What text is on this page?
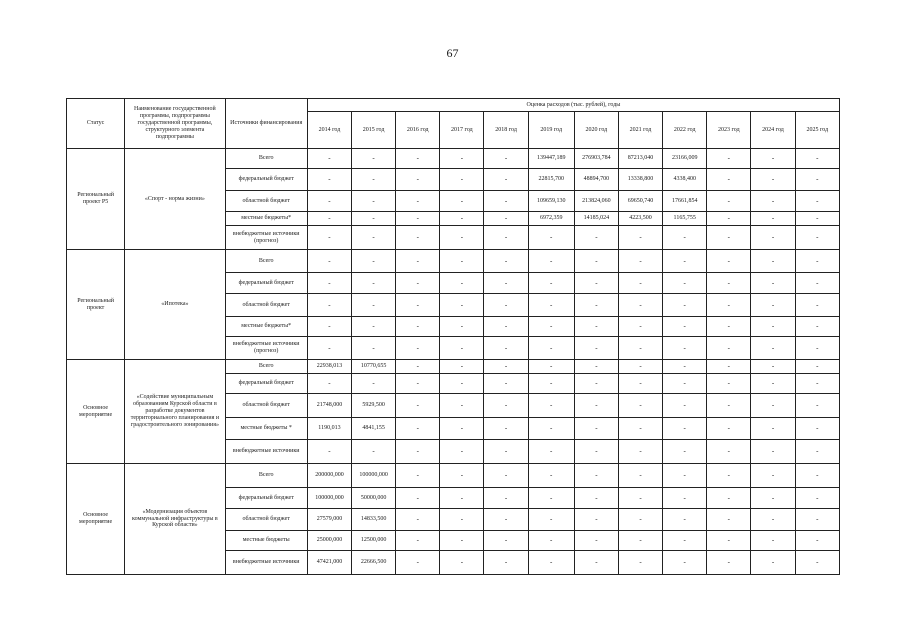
67
Статус	Наименование государственной программы, подпрограммы государственной программы, структурного элемента подпрограммы	Источники финансирования	Оценка расходов (тыс. рублей), годы											
			2014 год	2015 год	2016 год	2017 год	2018 год	2019 год	2020 год	2021 год	2022 год	2023 год	2024 год	2025 год
Региональный проект Р5	«Спорт - норма жизни»	Всего	-	-	-	-	-	139447,189	276903,784	87213,040	23166,009	-	-	-
		федеральный бюджет	-	-	-	-	-	22815,700	48894,700	13338,800	4338,400	-	-	-
		областной бюджет	-	-	-	-	-	109659,130	213824,060	69650,740	17661,854	-	-	-
		местные бюджеты*	-	-	-	-	-	6972,359	14185,024	4223,500	1165,755	-	-	-
		внебюджетные источники (прогноз)	-	-	-	-	-	-	-	-	-	-	-	-
Региональный проект	«Ипотека»	Всего	-	-	-	-	-	-	-	-	-	-	-	-
		федеральный бюджет	-	-	-	-	-	-	-	-	-	-	-	-
		областной бюджет	-	-	-	-	-	-	-	-	-	-	-	-
		местные бюджеты*	-	-	-	-	-	-	-	-	-	-	-	-
		внебюджетные источники (прогноз)	-	-	-	-	-	-	-	-	-	-	-	-
Основное мероприятие	«Содействие муниципальным образованиям Курской области в разработке документов территориального планирования и градостроительного зонирования»	Всего	22938,013	10770,655	-	-	-	-	-	-	-	-	-	-
		федеральный бюджет	-	-	-	-	-	-	-	-	-	-	-	-
		областной бюджет	21748,000	5929,500	-	-	-	-	-	-	-	-	-	-
		местные бюджеты *	1190,013	4841,155	-	-	-	-	-	-	-	-	-	-
		внебюджетные источники	-	-	-	-	-	-	-	-	-	-	-	-
Основное мероприятие	«Модернизация объектов коммунальной инфраструктуры в Курской области»	Всего	200000,000	100000,000	-	-	-	-	-	-	-	-	-	-
		федеральный бюджет	100000,000	50000,000	-	-	-	-	-	-	-	-	-	-
		областной бюджет	27579,000	14833,500	-	-	-	-	-	-	-	-	-	-
		местные бюджеты	25000,000	12500,000	-	-	-	-	-	-	-	-	-	-
		внебюджетные источники	47421,000	22666,500	-	-	-	-	-	-	-	-	-	-
